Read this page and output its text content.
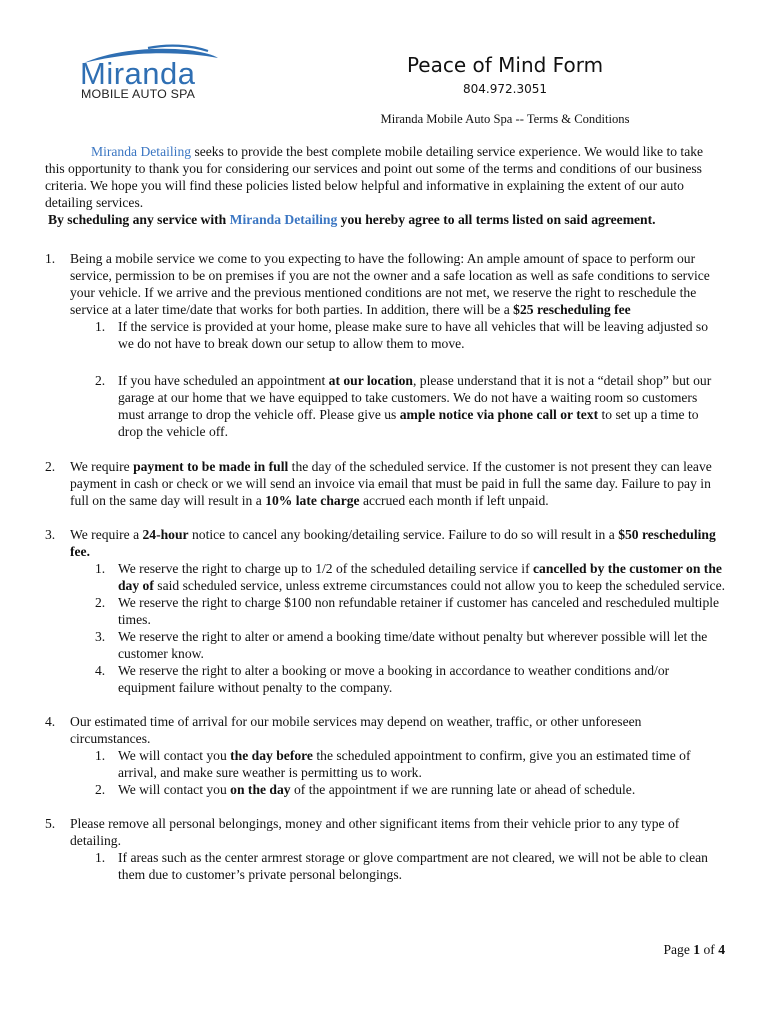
Miranda
MOBILE AUTO SPA
Peace of Mind Form
804.972.3051
Miranda Mobile Auto Spa -- Terms & Conditions

Miranda Detailing seeks to provide the best complete mobile detailing service experience. We would like to take this opportunity to thank you for considering our services and point out some of the terms and conditions of our business criteria. We hope you will find these policies listed below helpful and informative in explaining the extent of our auto detailing services.

By scheduling any service with Miranda Detailing you hereby agree to all terms listed on said agreement.

1. Being a mobile service we come to you expecting to have the following: An ample amount of space to perform our service, permission to be on premises if you are not the owner and a safe location as well as safe conditions to service your vehicle. If we arrive and the previous mentioned conditions are not met, we reserve the right to reschedule the service at a later time/date that works for both parties. In addition, there will be a $25 rescheduling fee
1. If the service is provided at your home, please make sure to have all vehicles that will be leaving adjusted so we do not have to break down our setup to allow them to move.
2. If you have scheduled an appointment at our location, please understand that it is not a “detail shop” but our garage at our home that we have equipped to take customers. We do not have a waiting room so customers must arrange to drop the vehicle off. Please give us ample notice via phone call or text to set up a time to drop the vehicle off.
2. We require payment to be made in full the day of the scheduled service. If the customer is not present they can leave payment in cash or check or we will send an invoice via email that must be paid in full the same day. Failure to pay in full on the same day will result in a 10% late charge accrued each month if left unpaid.
3. We require a 24-hour notice to cancel any booking/detailing service. Failure to do so will result in a $50 rescheduling fee.
1. We reserve the right to charge up to 1/2 of the scheduled detailing service if cancelled by the customer on the day of said scheduled service, unless extreme circumstances could not allow you to keep the scheduled service.
2. We reserve the right to charge $100 non refundable retainer if customer has canceled and rescheduled multiple times.
3. We reserve the right to alter or amend a booking time/date without penalty but wherever possible will let the customer know.
4. We reserve the right to alter a booking or move a booking in accordance to weather conditions and/or equipment failure without penalty to the company.
4. Our estimated time of arrival for our mobile services may depend on weather, traffic, or other unforeseen circumstances.
1. We will contact you the day before the scheduled appointment to confirm, give you an estimated time of arrival, and make sure weather is permitting us to work.
2. We will contact you on the day of the appointment if we are running late or ahead of schedule.
5. Please remove all personal belongings, money and other significant items from their vehicle prior to any type of detailing.
1. If areas such as the center armrest storage or glove compartment are not cleared, we will not be able to clean them due to customer’s private personal belongings.
Page 1 of 4
